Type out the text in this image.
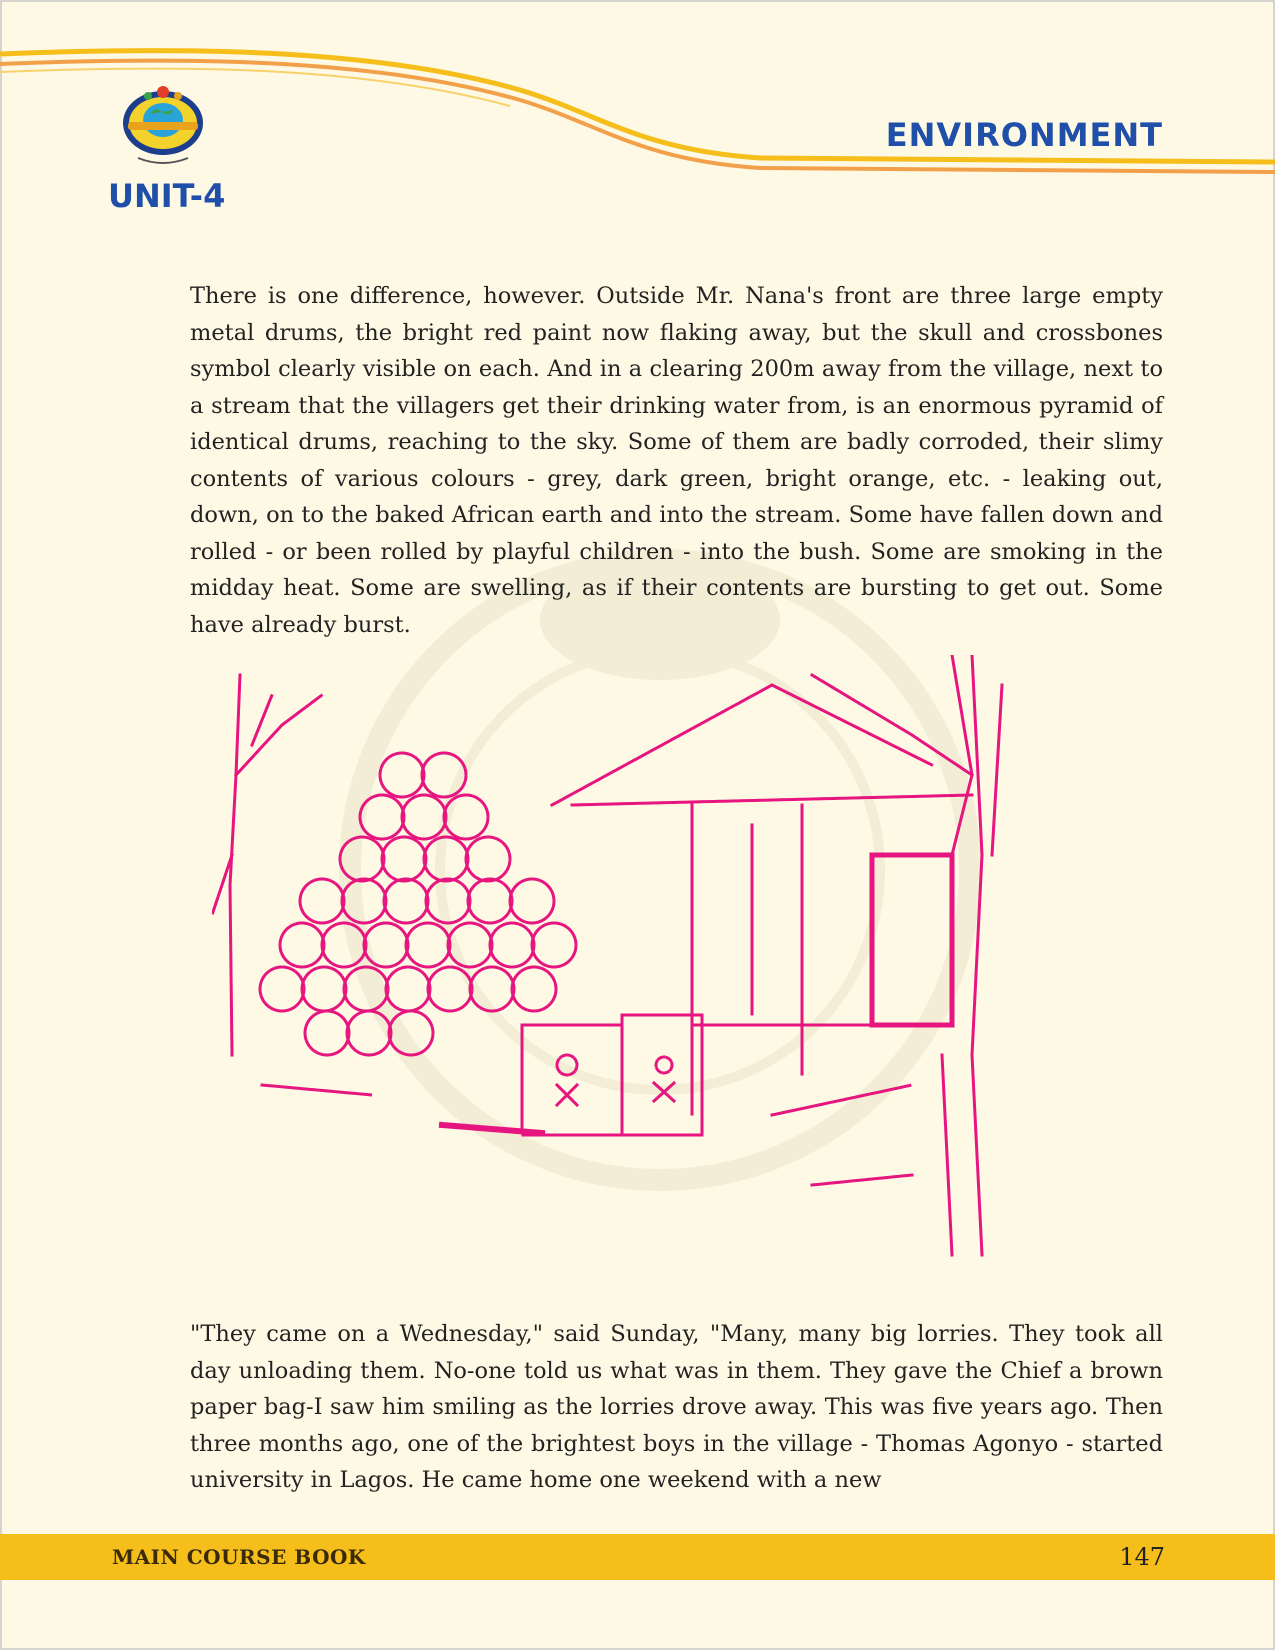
UNIT-4
ENVIRONMENT

There is one difference, however. Outside Mr. Nana's front are three large empty metal drums, the bright red paint now flaking away, but the skull and crossbones symbol clearly visible on each. And in a clearing 200m away from the village, next to a stream that the villagers get their drinking water from, is an enormous pyramid of identical drums, reaching to the sky. Some of them are badly corroded, their slimy contents of various colours - grey, dark green, bright orange, etc. - leaking out, down, on to the baked African earth and into the stream. Some have fallen down and rolled - or been rolled by playful children - into the bush. Some are smoking in the midday heat. Some are swelling, as if their contents are bursting to get out. Some have already burst.

"They came on a Wednesday," said Sunday, "Many, many big lorries. They took all day unloading them. No-one told us what was in them. They gave the Chief a brown paper bag-I saw him smiling as the lorries drove away. This was five years ago. Then three months ago, one of the brightest boys in the village - Thomas Agonyo - started university in Lagos. He came home one weekend with a new

MAIN COURSE BOOK	147
